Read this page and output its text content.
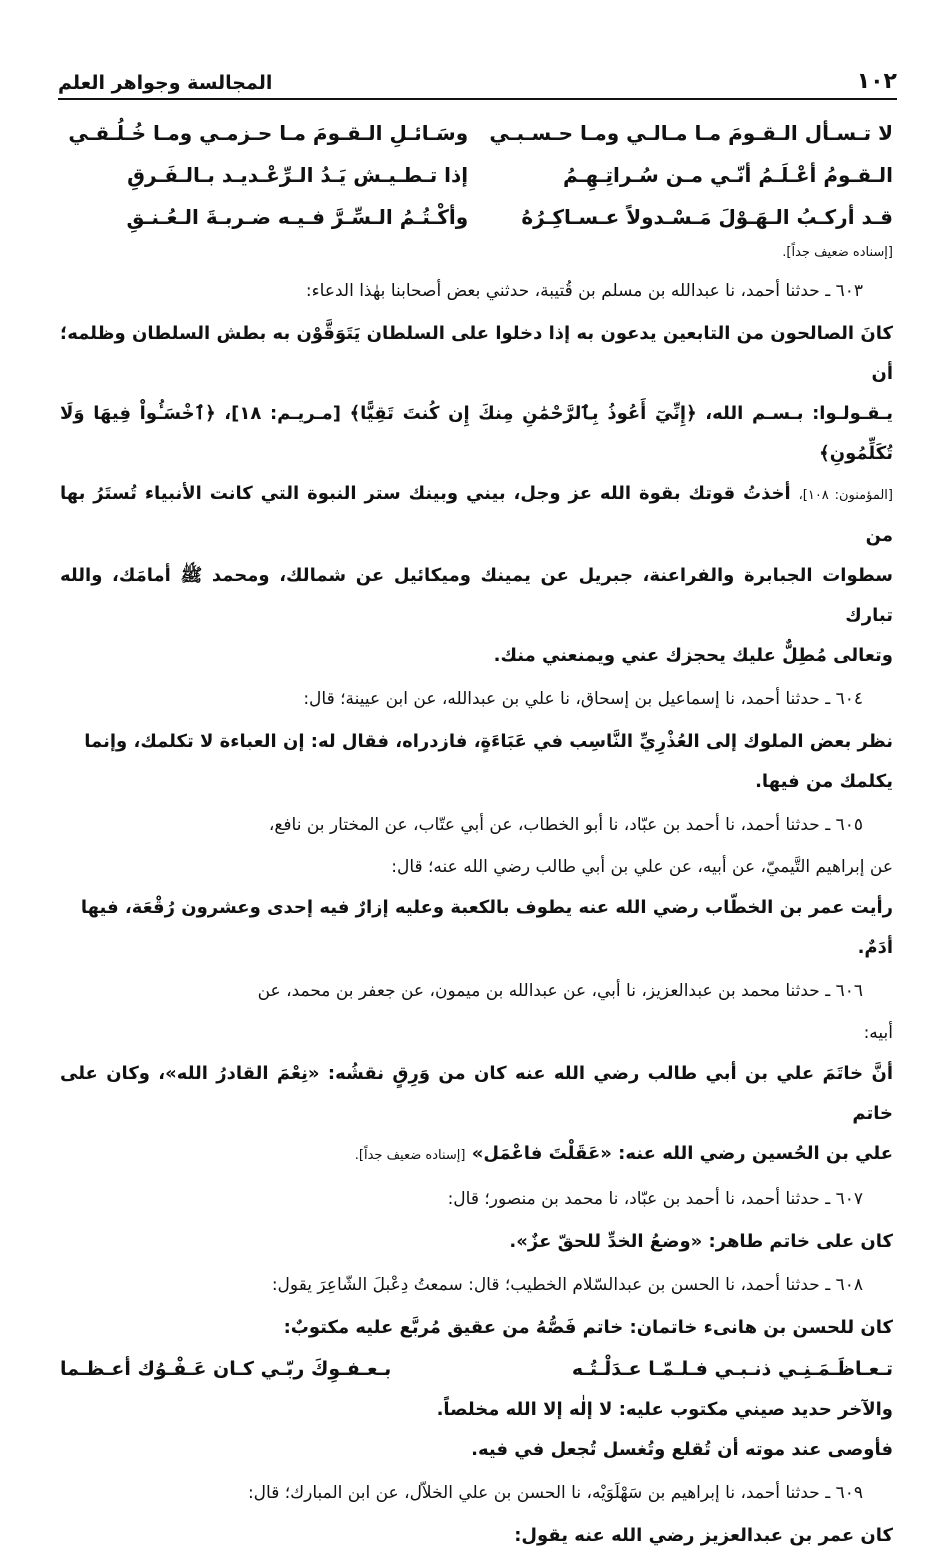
١٠٢
المجالسة وجواهر العلم
لا تـسـأل الـقـومَ مـا مـالـي ومـا حـسـبـي
وسَـائـلِ الـقـومَ مـا حـزمـي ومـا خُـلُـقـي
الـقـومُ أعْـلَـمُ أنّـي مـن سُـراتِـهِـمُ
إذا تـطـيـش يَـدُ الـرِّعْـديـد بـالـفَـرقِ
قـد أركـبُ الـهَـوْلَ مَـسْـدولاً عـسـاكِـرُهُ
وأكْـتُـمُ الـسِّـرَّ فـيـه ضـربـةَ الـعُـنـقِ
[إسناده ضعيف جداً].
٦٠٣ ـ حدثنا أحمد، نا عبدالله بن مسلم بن قُتيبة، حدثني بعض أصحابنا بهٰذا الدعاء:
كانَ الصالحون من التابعين يدعون به إذا دخلوا على السلطان يَتَوَقَّوْن به بطش السلطان وظلمه؛ أن
يـقـولـوا: بـسـم الله، ﴿إِنِّيٓ أَعُوذُ بِٱلرَّحْمَٰنِ مِنكَ إِن كُنتَ تَقِيًّا﴾ [مـريـم: ١٨]، ﴿ٱخْسَـُٔواْ فِيهَا وَلَا تُكَلِّمُونِ﴾
[المؤمنون: ١٠٨]، أخذتُ قوتك بقوة الله عز وجل، بيني وبينك ستر النبوة التي كانت الأنبياء تُستَرُ بها من
سطوات الجبابرة والفراعنة، جبريل عن يمينك وميكائيل عن شمالك، ومحمد ﷺ أمامَك، والله تبارك
وتعالى مُطِلٌّ عليك يحجزك عني ويمنعني منك.
٦٠٤ ـ حدثنا أحمد، نا إسماعيل بن إسحاق، نا علي بن عبدالله، عن ابن عيينة؛ قال:
نظر بعض الملوك إلى العُذْرِيِّ النَّاسِب في عَبَاءَةٍ، فازدراه، فقال له: إن العباءة لا تكلمك، وإنما
يكلمك من فيها.
٦٠٥ ـ حدثنا أحمد، نا أحمد بن عبّاد، نا أبو الخطاب، عن أبي عتّاب، عن المختار بن نافع،
عن إبراهيم التَّيميّ، عن أبيه، عن علي بن أبي طالب رضي الله عنه؛ قال:
رأيت عمر بن الخطّاب رضي الله عنه يطوف بالكعبة وعليه إزارٌ فيه إحدى وعشرون رُقْعَة، فيها
أدَمٌ.
٦٠٦ ـ حدثنا محمد بن عبدالعزيز، نا أبي، عن عبدالله بن ميمون، عن جعفر بن محمد، عن
أبيه:
أنَّ خاتَمَ علي بن أبي طالب رضي الله عنه كان من وَرِقٍ نقشُه: «نِعْمَ القادرُ الله»، وكان على خاتم
علي بن الحُسين رضي الله عنه: «عَقَلْتَ فاعْمَل» [إسناده ضعيف جداً].
٦٠٧ ـ حدثنا أحمد، نا أحمد بن عبّاد، نا محمد بن منصور؛ قال:
كان على خاتم طاهر: «وضعُ الخدِّ للحقّ عزٌ».
٦٠٨ ـ حدثنا أحمد، نا الحسن بن عبدالسّلام الخطيب؛ قال: سمعتُ دِعْبلَ الشّاعِرَ يقول:
كان للحسن بن هانىء خاتمان: خاتم فَصُّهُ من عقيق مُربَّع عليه مكتوبٌ:
تـعـاظَـمَـنِـي ذنـبـي فـلـمّـا عـدَلْـتُـه
بـعـفـوِكَ ربّـي كـان عَـفْـوُك أعـظـما
والآخر حديد صيني مكتوب عليه: لا إلٰه إلا الله مخلصاً.
فأوصى عند موته أن تُقلع وتُغسل تُجعل في فيه.
٦٠٩ ـ حدثنا أحمد، نا إبراهيم بن سَهْلَوَيْه، نا الحسن بن علي الخلاّل، عن ابن المبارك؛ قال:
كان عمر بن عبدالعزيز رضي الله عنه يقول:
